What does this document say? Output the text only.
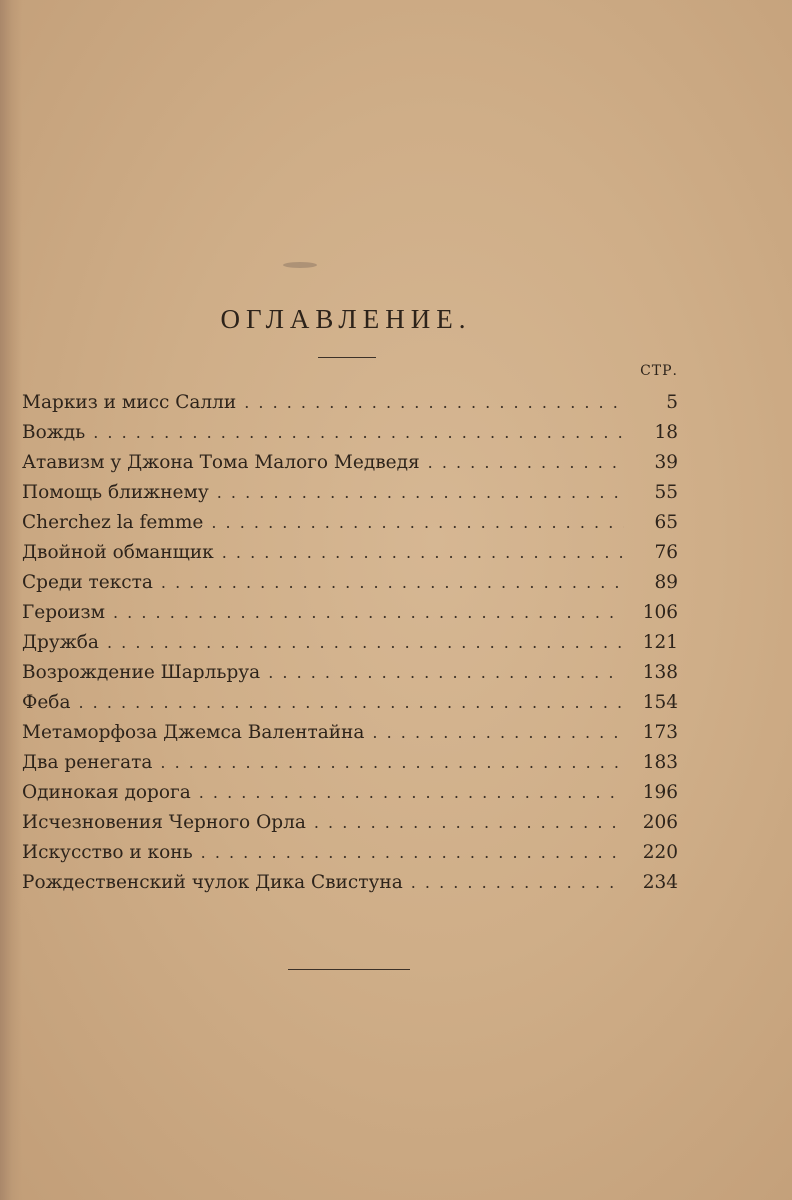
ОГЛАВЛЕНИЕ.
СТР.
Маркиз и мисс Салли . . .	5
Вождь . . .	18
Атавизм у Джона Тома Малого Медведя . . .	39
Помощь ближнему . . .	55
Cherchez la femme . . .	65
Двойной обманщик . . .	76
Среди текста . . .	89
Героизм . . .	106
Дружба . . .	121
Возрождение Шарльруа . . .	138
Феба . . .	154
Метаморфоза Джемса Валентайна . . .	173
Два ренегата . . .	183
Одинокая дорога . . .	196
Исчезновения Черного Орла . . .	206
Искусство и конь . . .	220
Рождественский чулок Дика Свистуна . . .	234
